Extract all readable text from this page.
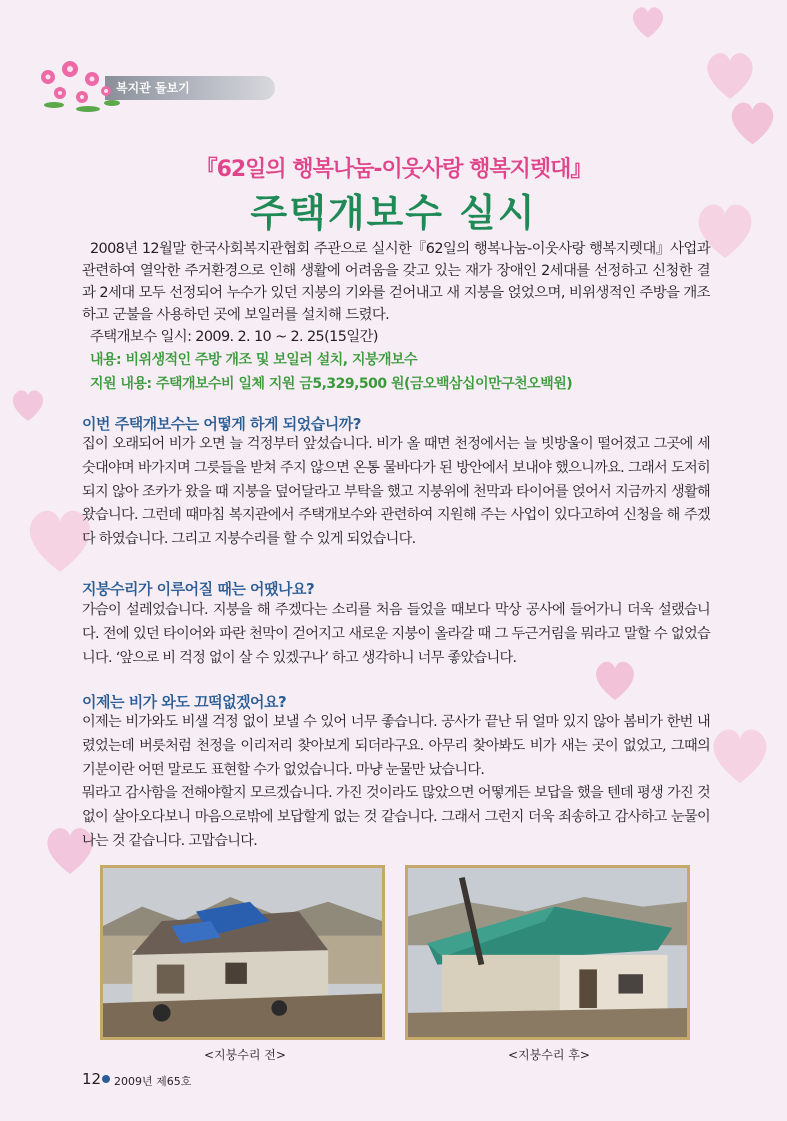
복지관 돌보기
『62일의 행복나눔-이웃사랑 행복지렛대』
주택개보수 실시

2008년 12월말 한국사회복지관협회 주관으로 실시한『62일의 행복나눔-이웃사랑 행복지렛대』사업과 관련하여 열악한 주거환경으로 인해 생활에 어려움을 갖고 있는 재가 장애인 2세대를 선정하고 신청한 결과 2세대 모두 선정되어 누수가 있던 지붕의 기와를 걷어내고 새 지붕을 얹었으며, 비위생적인 주방을 개조하고 군불을 사용하던 곳에 보일러를 설치해 드렸다.

주택개보수 일시: 2009. 2. 10 ~ 2. 25(15일간)

내용: 비위생적인 주방 개조 및 보일러 설치, 지붕개보수
지원 내용: 주택개보수비 일체 지원 금5,329,500 원(금오백삼십이만구천오백원)
이번 주택개보수는 어떻게 하게 되었습니까?

집이 오래되어 비가 오면 늘 걱정부터 앞섰습니다. 비가 올 때면 천정에서는 늘 빗방울이 떨어졌고 그곳에 세숫대야며 바가지며 그릇들을 받쳐 주지 않으면 온통 물바다가 된 방안에서 보내야 했으니까요. 그래서 도저히 되지 않아 조카가 왔을 때 지붕을 덮어달라고 부탁을 했고 지붕위에 천막과 타이어를 얹어서 지금까지 생활해 왔습니다. 그런데 때마침 복지관에서 주택개보수와 관련하여 지원해 주는 사업이 있다고하여 신청을 해 주겠다 하였습니다. 그리고 지붕수리를 할 수 있게 되었습니다.

지붕수리가 이루어질 때는 어땠나요?

가슴이 설레었습니다. 지붕을 해 주겠다는 소리를 처음 들었을 때보다 막상 공사에 들어가니 더욱 설랬습니다. 전에 있던 타이어와 파란 천막이 걷어지고 새로운 지붕이 올라갈 때 그 두근거림을 뭐라고 말할 수 없었습니다. ‘앞으로 비 걱정 없이 살 수 있겠구나’ 하고 생각하니 너무 좋았습니다.

이제는 비가 와도 끄떡없겠어요?

이제는 비가와도 비샐 걱정 없이 보낼 수 있어 너무 좋습니다. 공사가 끝난 뒤 얼마 있지 않아 봄비가 한번 내렸었는데 버릇처럼 천정을 이리저리 찾아보게 되더라구요. 아무리 찾아봐도 비가 새는 곳이 없었고, 그때의 기분이란 어떤 말로도 표현할 수가 없었습니다. 마냥 눈물만 났습니다.

뭐라고 감사함을 전해야할지 모르겠습니다. 가진 것이라도 많았으면 어떻게든 보답을 했을 텐데 평생 가진 것 없이 살아오다보니 마음으로밖에 보답할게 없는 것 같습니다. 그래서 그런지 더욱 죄송하고 감사하고 눈물이 나는 것 같습니다. 고맙습니다.

<지붕수리 전>	<지붕수리 후>
12 2009년 제65호
